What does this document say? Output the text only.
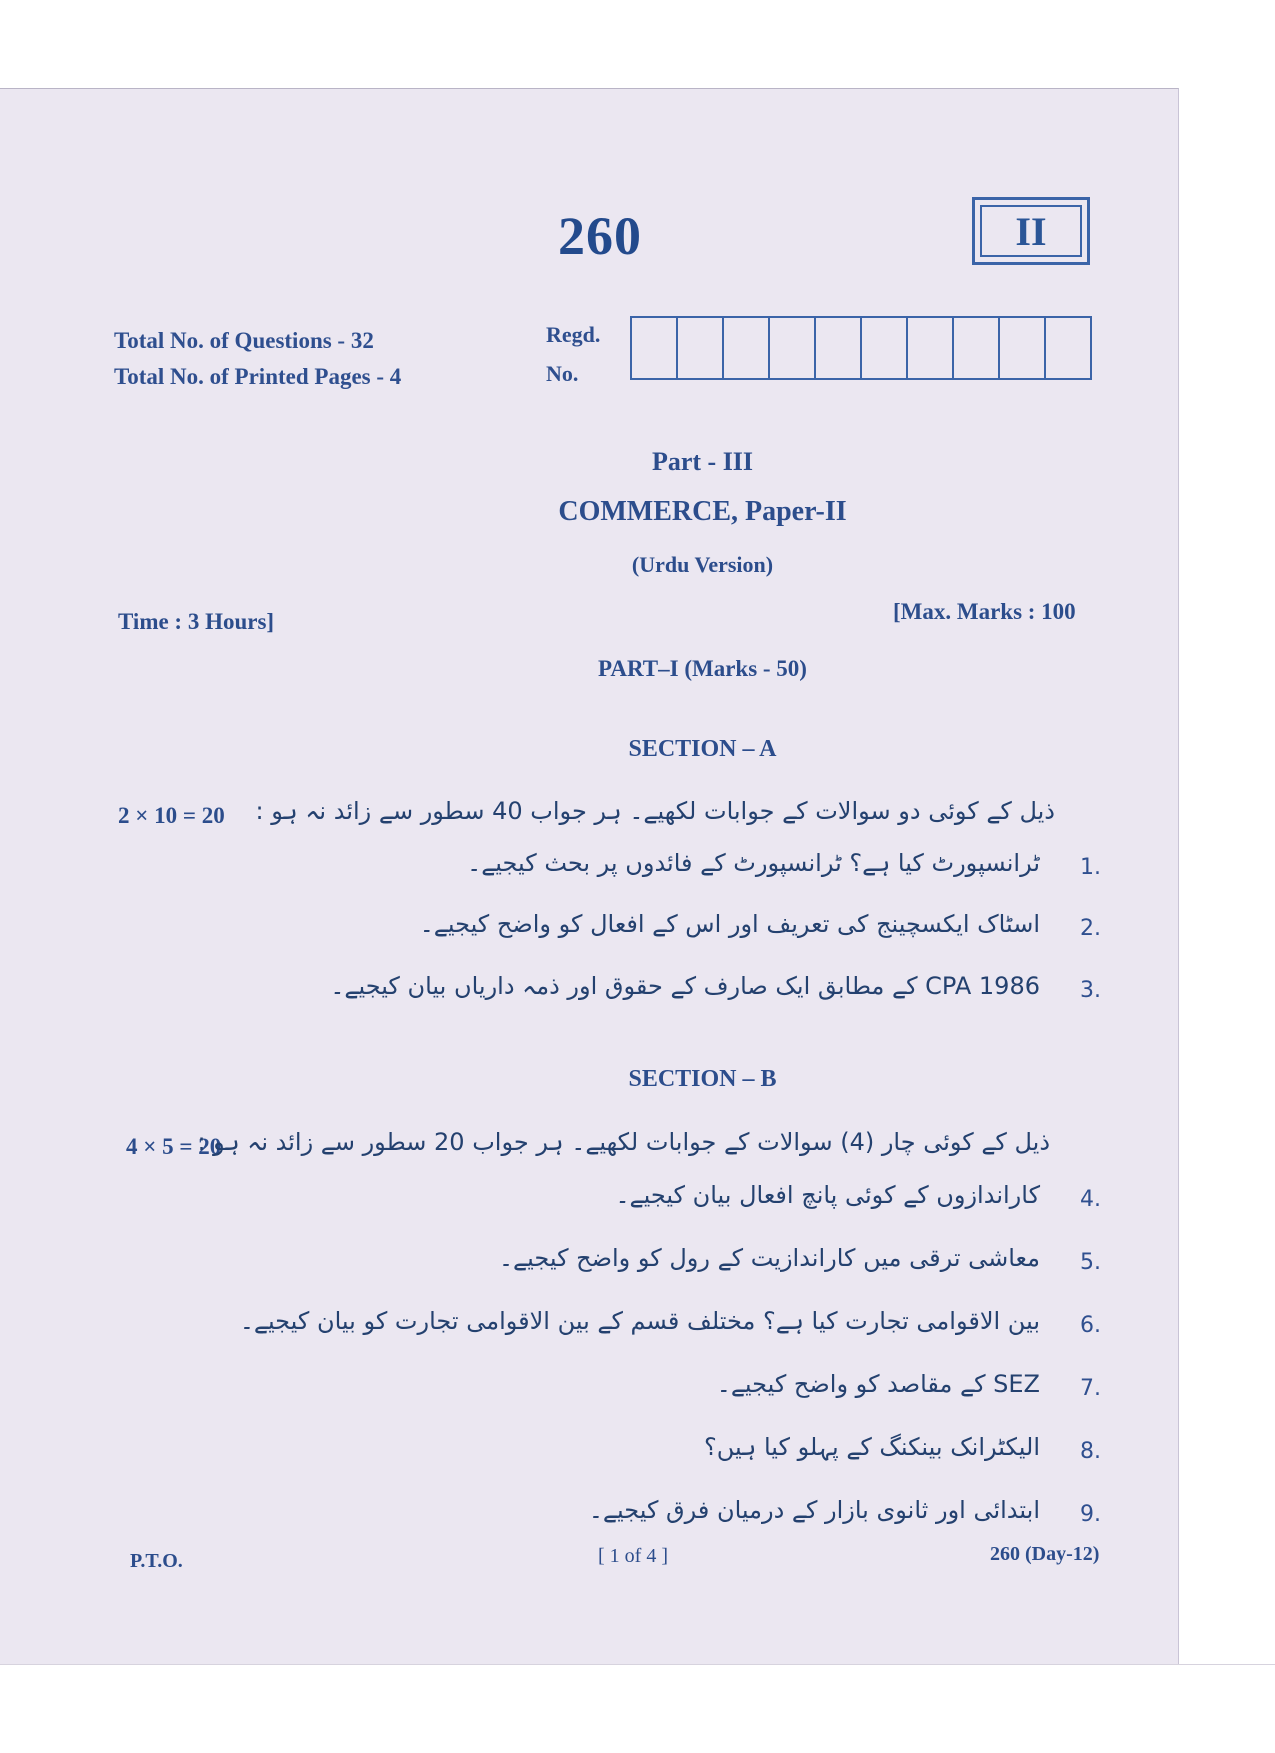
260	II
Total No. of Questions - 32
Total No. of Printed Pages - 4
Regd.
No.
Part - III
COMMERCE, Paper-II
(Urdu Version)
Time : 3 Hours]	[Max. Marks : 100
PART–I (Marks - 50)
SECTION – A
2 × 10 = 20 ذیل کے کوئی دو سوالات کے جوابات لکھیے۔ ہر جواب 40 سطور سے زائد نہ ہو :
1.
ٹرانسپورٹ کیا ہے؟ ٹرانسپورٹ کے فائدوں پر بحث کیجیے۔
2.
اسٹاک ایکسچینج کی تعریف اور اس کے افعال کو واضح کیجیے۔
3.
CPA 1986 کے مطابق ایک صارف کے حقوق اور ذمہ داریاں بیان کیجیے۔
SECTION – B
4 × 5 = 20
ذیل کے کوئی چار (4) سوالات کے جوابات لکھیے۔ ہر جواب 20 سطور سے زائد نہ ہو :
4.
کاراندازوں کے کوئی پانچ افعال بیان کیجیے۔
5.
معاشی ترقی میں کاراندازیت کے رول کو واضح کیجیے۔
6.
بین الاقوامی تجارت کیا ہے؟ مختلف قسم کے بین الاقوامی تجارت کو بیان کیجیے۔
7.
SEZ کے مقاصد کو واضح کیجیے۔
8.
الیکٹرانک بینکنگ کے پہلو کیا ہیں؟
9.
ابتدائی اور ثانوی بازار کے درمیان فرق کیجیے۔
P.T.O.	[ 1 of 4 ]	260 (Day-12)
